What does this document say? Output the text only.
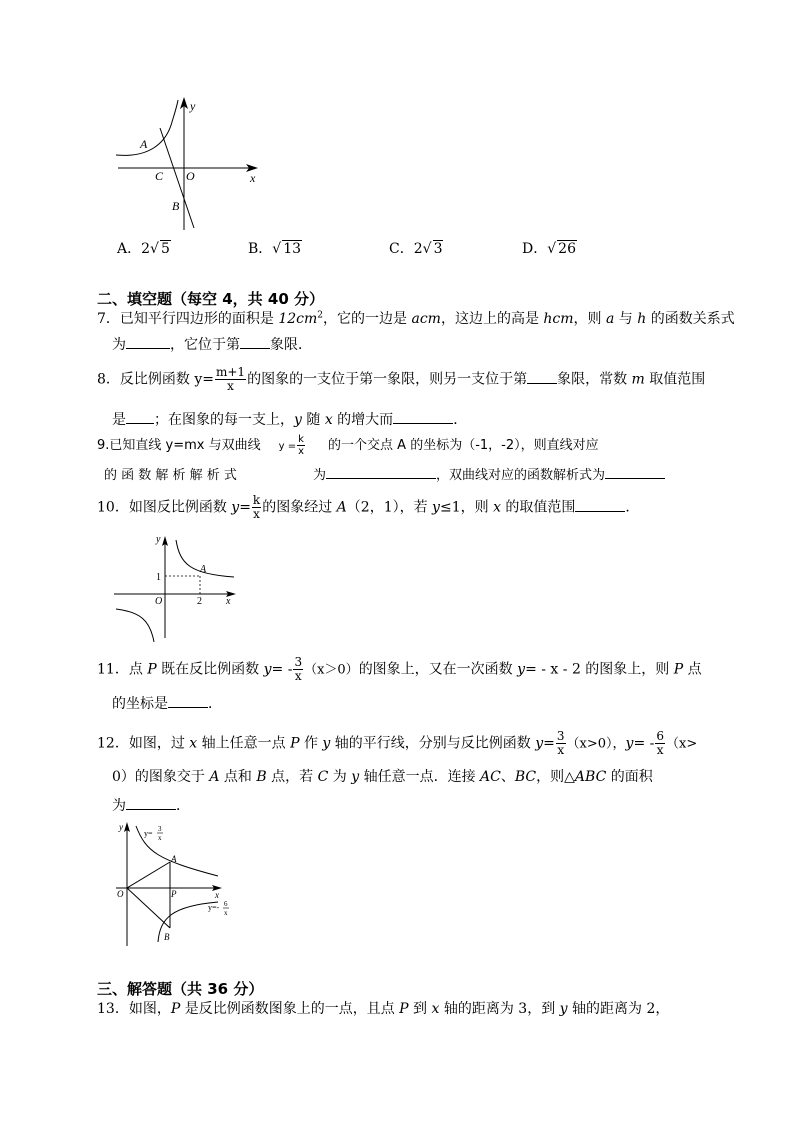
y
x
A
C O
B
A．2√ 5	B．√ 13	C．2√ 3	D．√ 26
二、填空题（每空 4，共 40 分）
7．已知平行四边形的面积是 $12cm^2$，它的一边是 acm，这边上的高是 hcm，则 a 与 h 的函数关系式
为	，它位于第 象限．
8．反比例函数 $y= \frac{m+1}{x}$ 的图象的一支位于第一象限，则另一支位于第 象限，常数 m 取值范围
是 ；在图象的每一支上，y 随 x 的增大而	．
9.已知直线 y=mx 与双曲线 $y = \frac{k}{x}$ 的一个交点 A 的坐标为（-1，-2），则直线对应
的 函 数 解 析 解 析 式	为	，双曲线对应的函数解析式为
10．如图反比例函数 $y= \frac{k}{x}$ 的图象经过 A（2，1），若 y≤1，则 x 的取值范围	．
y
x
1
2
A
O
11．点 P 既在反比例函数 $y= - \frac{3}{x} (x>0)$的图象上，又在一次函数 y= - x - 2 的图象上，则 P 点
的坐标是	．
12．如图，过 x 轴上任意一点 P 作 y 轴的平行线，分别与反比例函数 $y= \frac{3}{x} (x>0)$，$y= - \frac{6}{x} (x>$
0）的图象交于 A 点和 B 点，若 C 为 y 轴任意一点．连接 AC、BC，则△ABC 的面积
为	．
y
x
O
A
P
B
y= 3
x
y=- 6
x
三、解答题（共 36 分）
13．如图，P 是反比例函数图象上的一点，且点 P 到 x 轴的距离为 3，到 y 轴的距离为 2，
